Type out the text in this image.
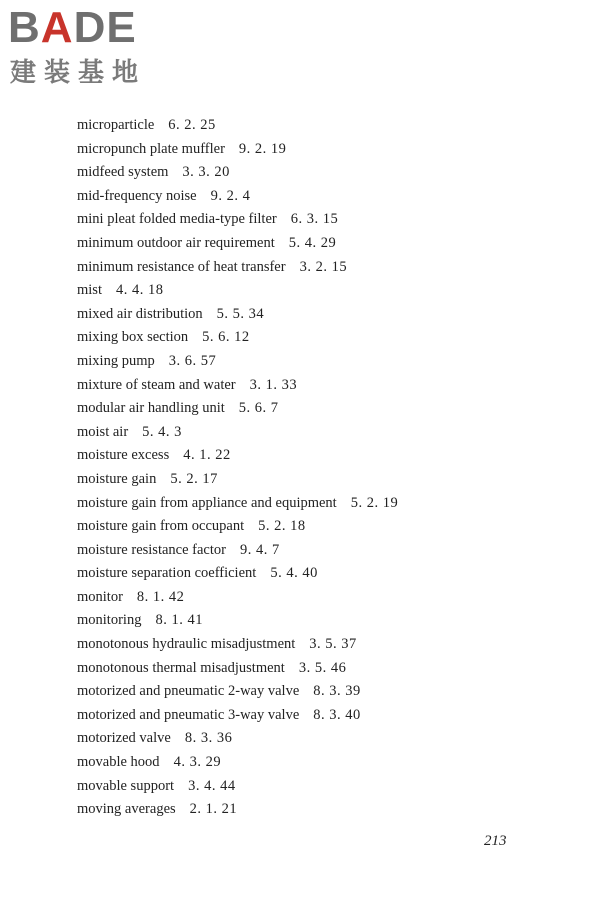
BADE
建装基地
microparticle 6. 2. 25
micropunch plate muffler 9. 2. 19
midfeed system 3. 3. 20
mid-frequency noise 9. 2. 4
mini pleat folded media-type filter 6. 3. 15
minimum outdoor air requirement 5. 4. 29
minimum resistance of heat transfer 3. 2. 15
mist 4. 4. 18
mixed air distribution 5. 5. 34
mixing box section 5. 6. 12
mixing pump 3. 6. 57
mixture of steam and water 3. 1. 33
modular air handling unit 5. 6. 7
moist air 5. 4. 3
moisture excess 4. 1. 22
moisture gain 5. 2. 17
moisture gain from appliance and equipment 5. 2. 19
moisture gain from occupant 5. 2. 18
moisture resistance factor 9. 4. 7
moisture separation coefficient 5. 4. 40
monitor 8. 1. 42
monitoring 8. 1. 41
monotonous hydraulic misadjustment 3. 5. 37
monotonous thermal misadjustment 3. 5. 46
motorized and pneumatic 2-way valve 8. 3. 39
motorized and pneumatic 3-way valve 8. 3. 40
motorized valve 8. 3. 36
movable hood 4. 3. 29
movable support 3. 4. 44
moving averages 2. 1. 21
213
